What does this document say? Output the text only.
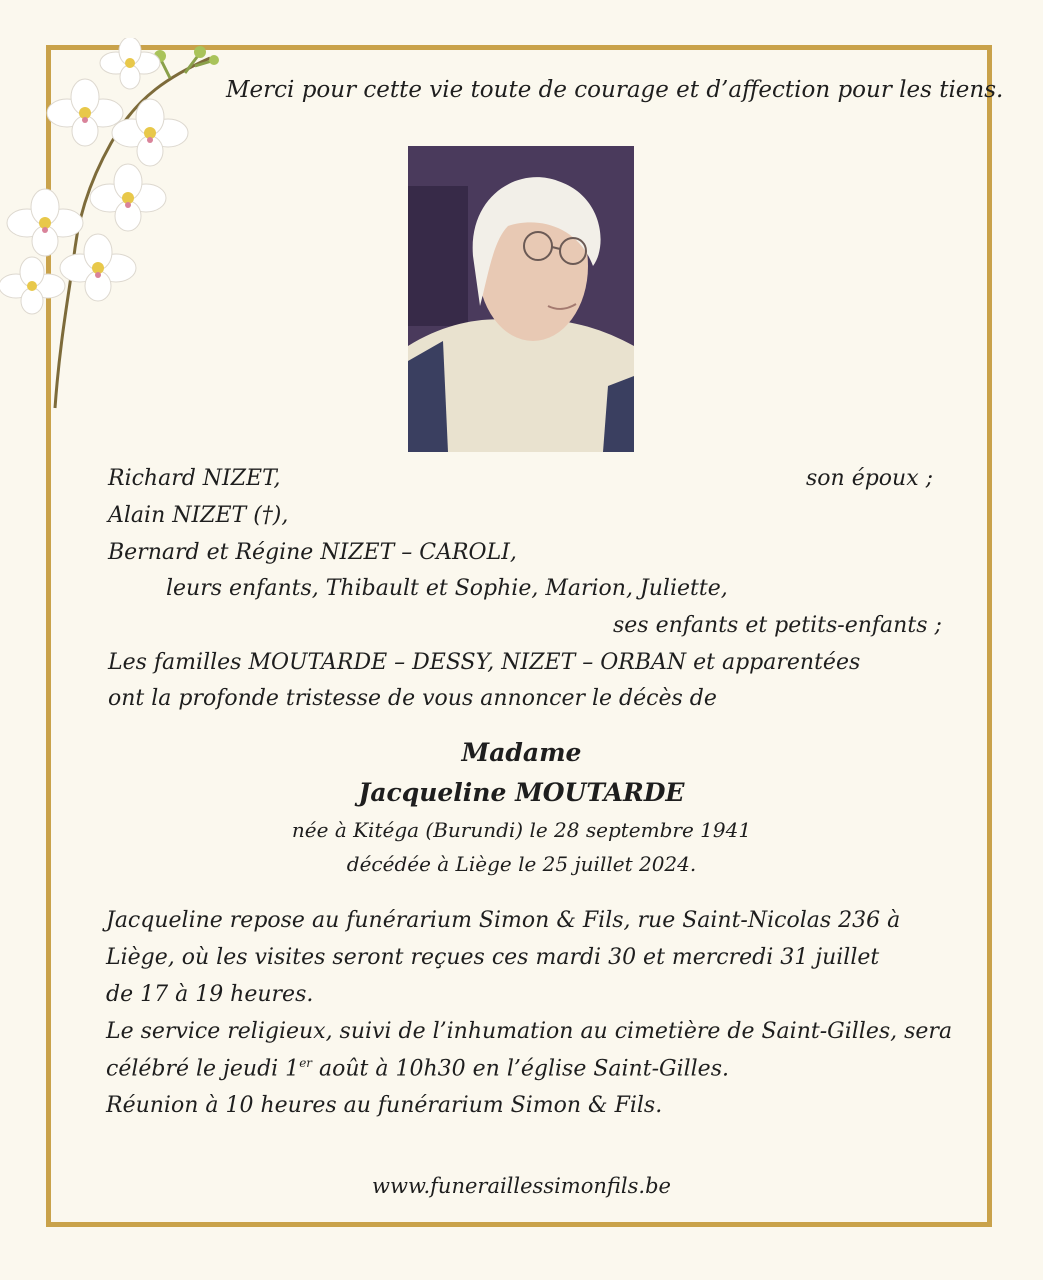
Merci pour cette vie toute de courage et d’affection pour les tiens.
Richard NIZET,	son époux ;
Alain NIZET (†),
Bernard et Régine NIZET – CAROLI,
leurs enfants, Thibault et Sophie, Marion, Juliette,
ses enfants et petits-enfants ;
Les familles MOUTARDE – DESSY, NIZET – ORBAN et apparentées
ont la profonde tristesse de vous annoncer le décès de
Madame
Jacqueline MOUTARDE
née à Kitéga (Burundi) le 28 septembre 1941
décédée à Liège le 25 juillet 2024.
Jacqueline repose au funérarium Simon & Fils, rue Saint-Nicolas 236 à
Liège, où les visites seront reçues ces mardi 30 et mercredi 31 juillet
de 17 à 19 heures.
Le service religieux, suivi de l’inhumation au cimetière de Saint-Gilles, sera
célébré le jeudi 1er août à 10h30 en l’église Saint-Gilles.
Réunion à 10 heures au funérarium Simon & Fils.
www.funeraillessimonfils.be
